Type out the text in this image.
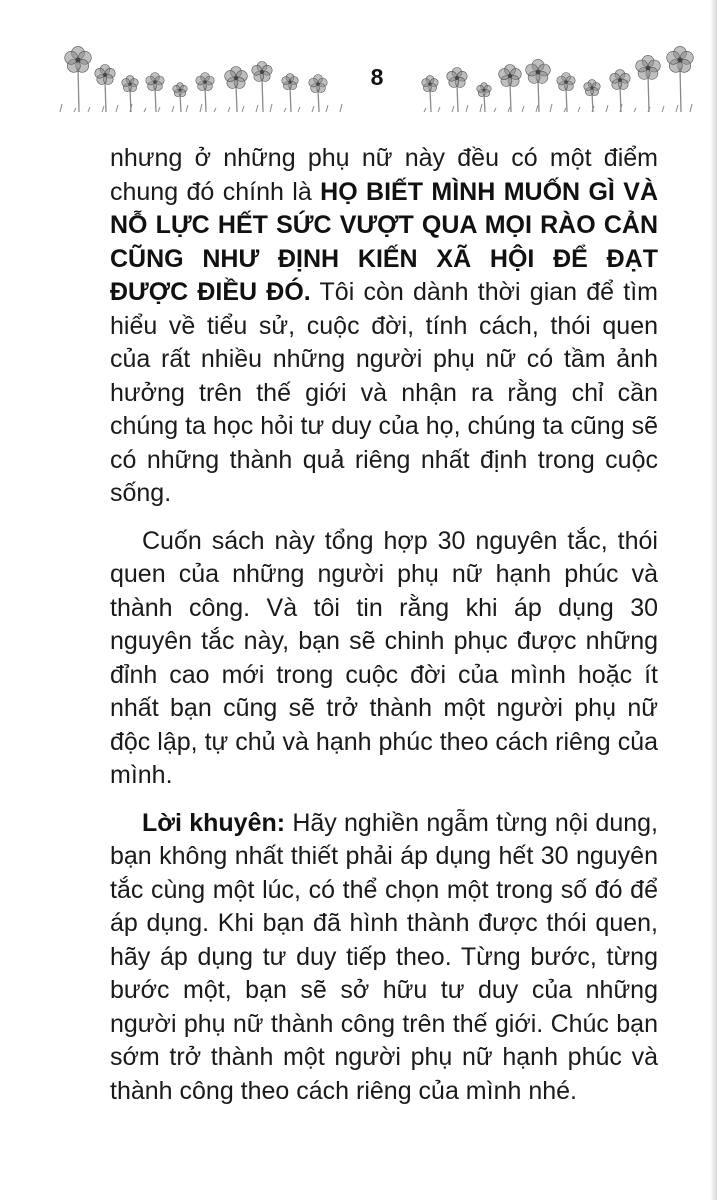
8

nhưng ở những phụ nữ này đều có một điểm chung đó chính là HỌ BIẾT MÌNH MUỐN GÌ VÀ NỖ LỰC HẾT SỨC VƯỢT QUA MỌI RÀO CẢN CŨNG NHƯ ĐỊNH KIẾN XÃ HỘI ĐỂ ĐẠT ĐƯỢC ĐIỀU ĐÓ. Tôi còn dành thời gian để tìm hiểu về tiểu sử, cuộc đời, tính cách, thói quen của rất nhiều những người phụ nữ có tầm ảnh hưởng trên thế giới và nhận ra rằng chỉ cần chúng ta học hỏi tư duy của họ, chúng ta cũng sẽ có những thành quả riêng nhất định trong cuộc sống.

Cuốn sách này tổng hợp 30 nguyên tắc, thói quen của những người phụ nữ hạnh phúc và thành công. Và tôi tin rằng khi áp dụng 30 nguyên tắc này, bạn sẽ chinh phục được những đỉnh cao mới trong cuộc đời của mình hoặc ít nhất bạn cũng sẽ trở thành một người phụ nữ độc lập, tự chủ và hạnh phúc theo cách riêng của mình.

Lời khuyên: Hãy nghiền ngẫm từng nội dung, bạn không nhất thiết phải áp dụng hết 30 nguyên tắc cùng một lúc, có thể chọn một trong số đó để áp dụng. Khi bạn đã hình thành được thói quen, hãy áp dụng tư duy tiếp theo. Từng bước, từng bước một, bạn sẽ sở hữu tư duy của những người phụ nữ thành công trên thế giới. Chúc bạn sớm trở thành một người phụ nữ hạnh phúc và thành công theo cách riêng của mình nhé.
